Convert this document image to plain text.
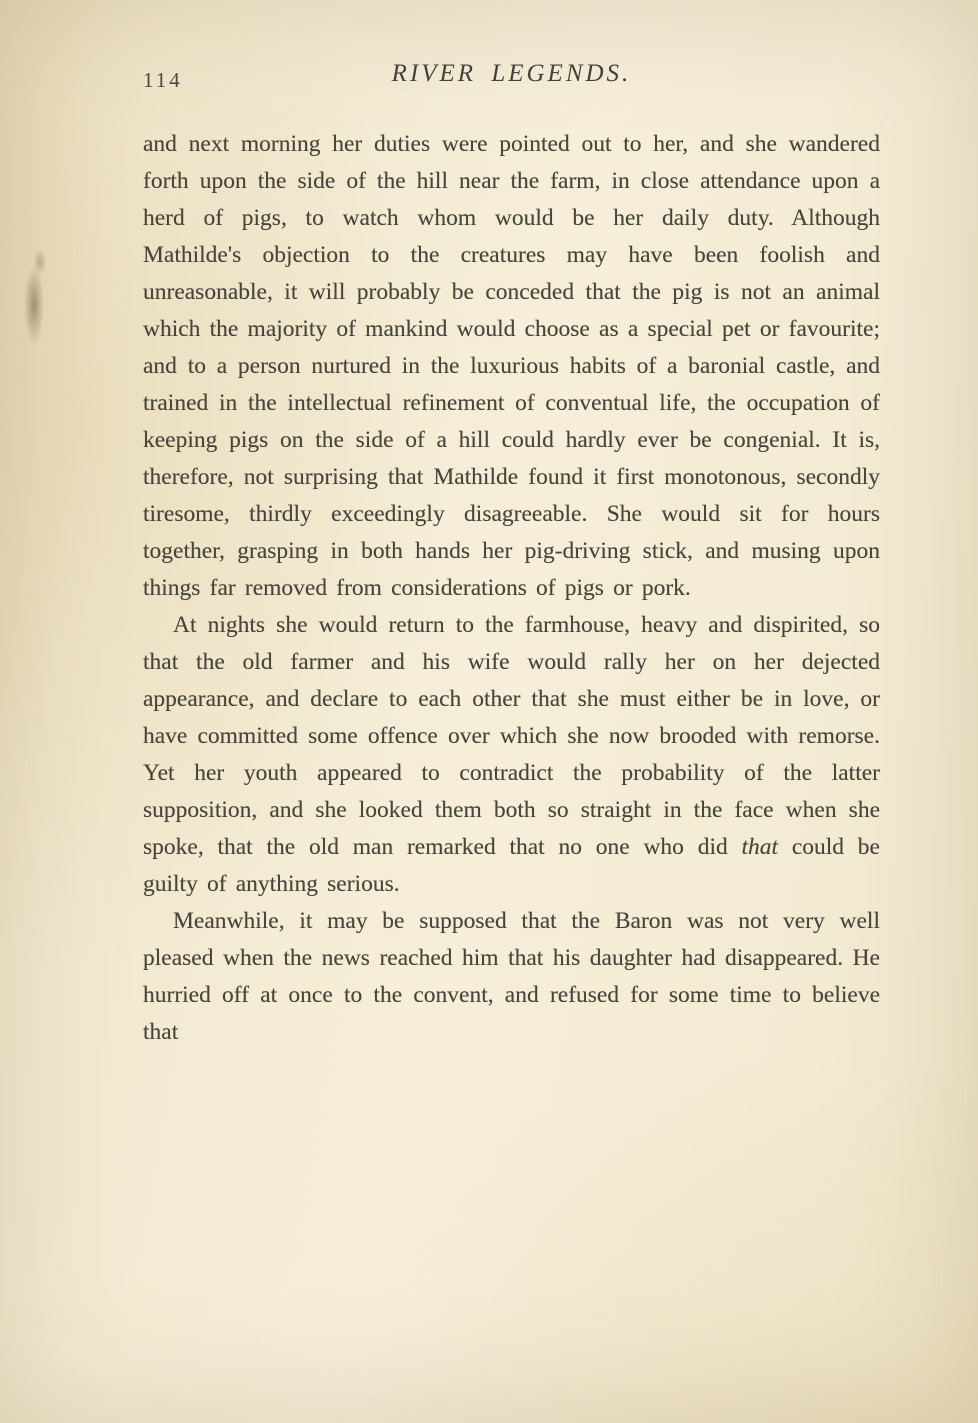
114	RIVER LEGENDS.

and next morning her duties were pointed out to her, and she wandered forth upon the side of the hill near the farm, in close attendance upon a herd of pigs, to watch whom would be her daily duty. Although Mathilde's objection to the creatures may have been foolish and unreasonable, it will probably be conceded that the pig is not an animal which the majority of mankind would choose as a special pet or favourite; and to a person nurtured in the luxurious habits of a baronial castle, and trained in the intellectual refinement of conventual life, the occupation of keeping pigs on the side of a hill could hardly ever be congenial. It is, therefore, not surprising that Mathilde found it first monotonous, secondly tiresome, thirdly exceedingly disagreeable. She would sit for hours together, grasping in both hands her pig-driving stick, and musing upon things far removed from considerations of pigs or pork.

At nights she would return to the farmhouse, heavy and dispirited, so that the old farmer and his wife would rally her on her dejected appearance, and declare to each other that she must either be in love, or have committed some offence over which she now brooded with remorse. Yet her youth appeared to contradict the probability of the latter supposition, and she looked them both so straight in the face when she spoke, that the old man remarked that no one who did that could be guilty of anything serious.

Meanwhile, it may be supposed that the Baron was not very well pleased when the news reached him that his daughter had disappeared. He hurried off at once to the convent, and refused for some time to believe that
